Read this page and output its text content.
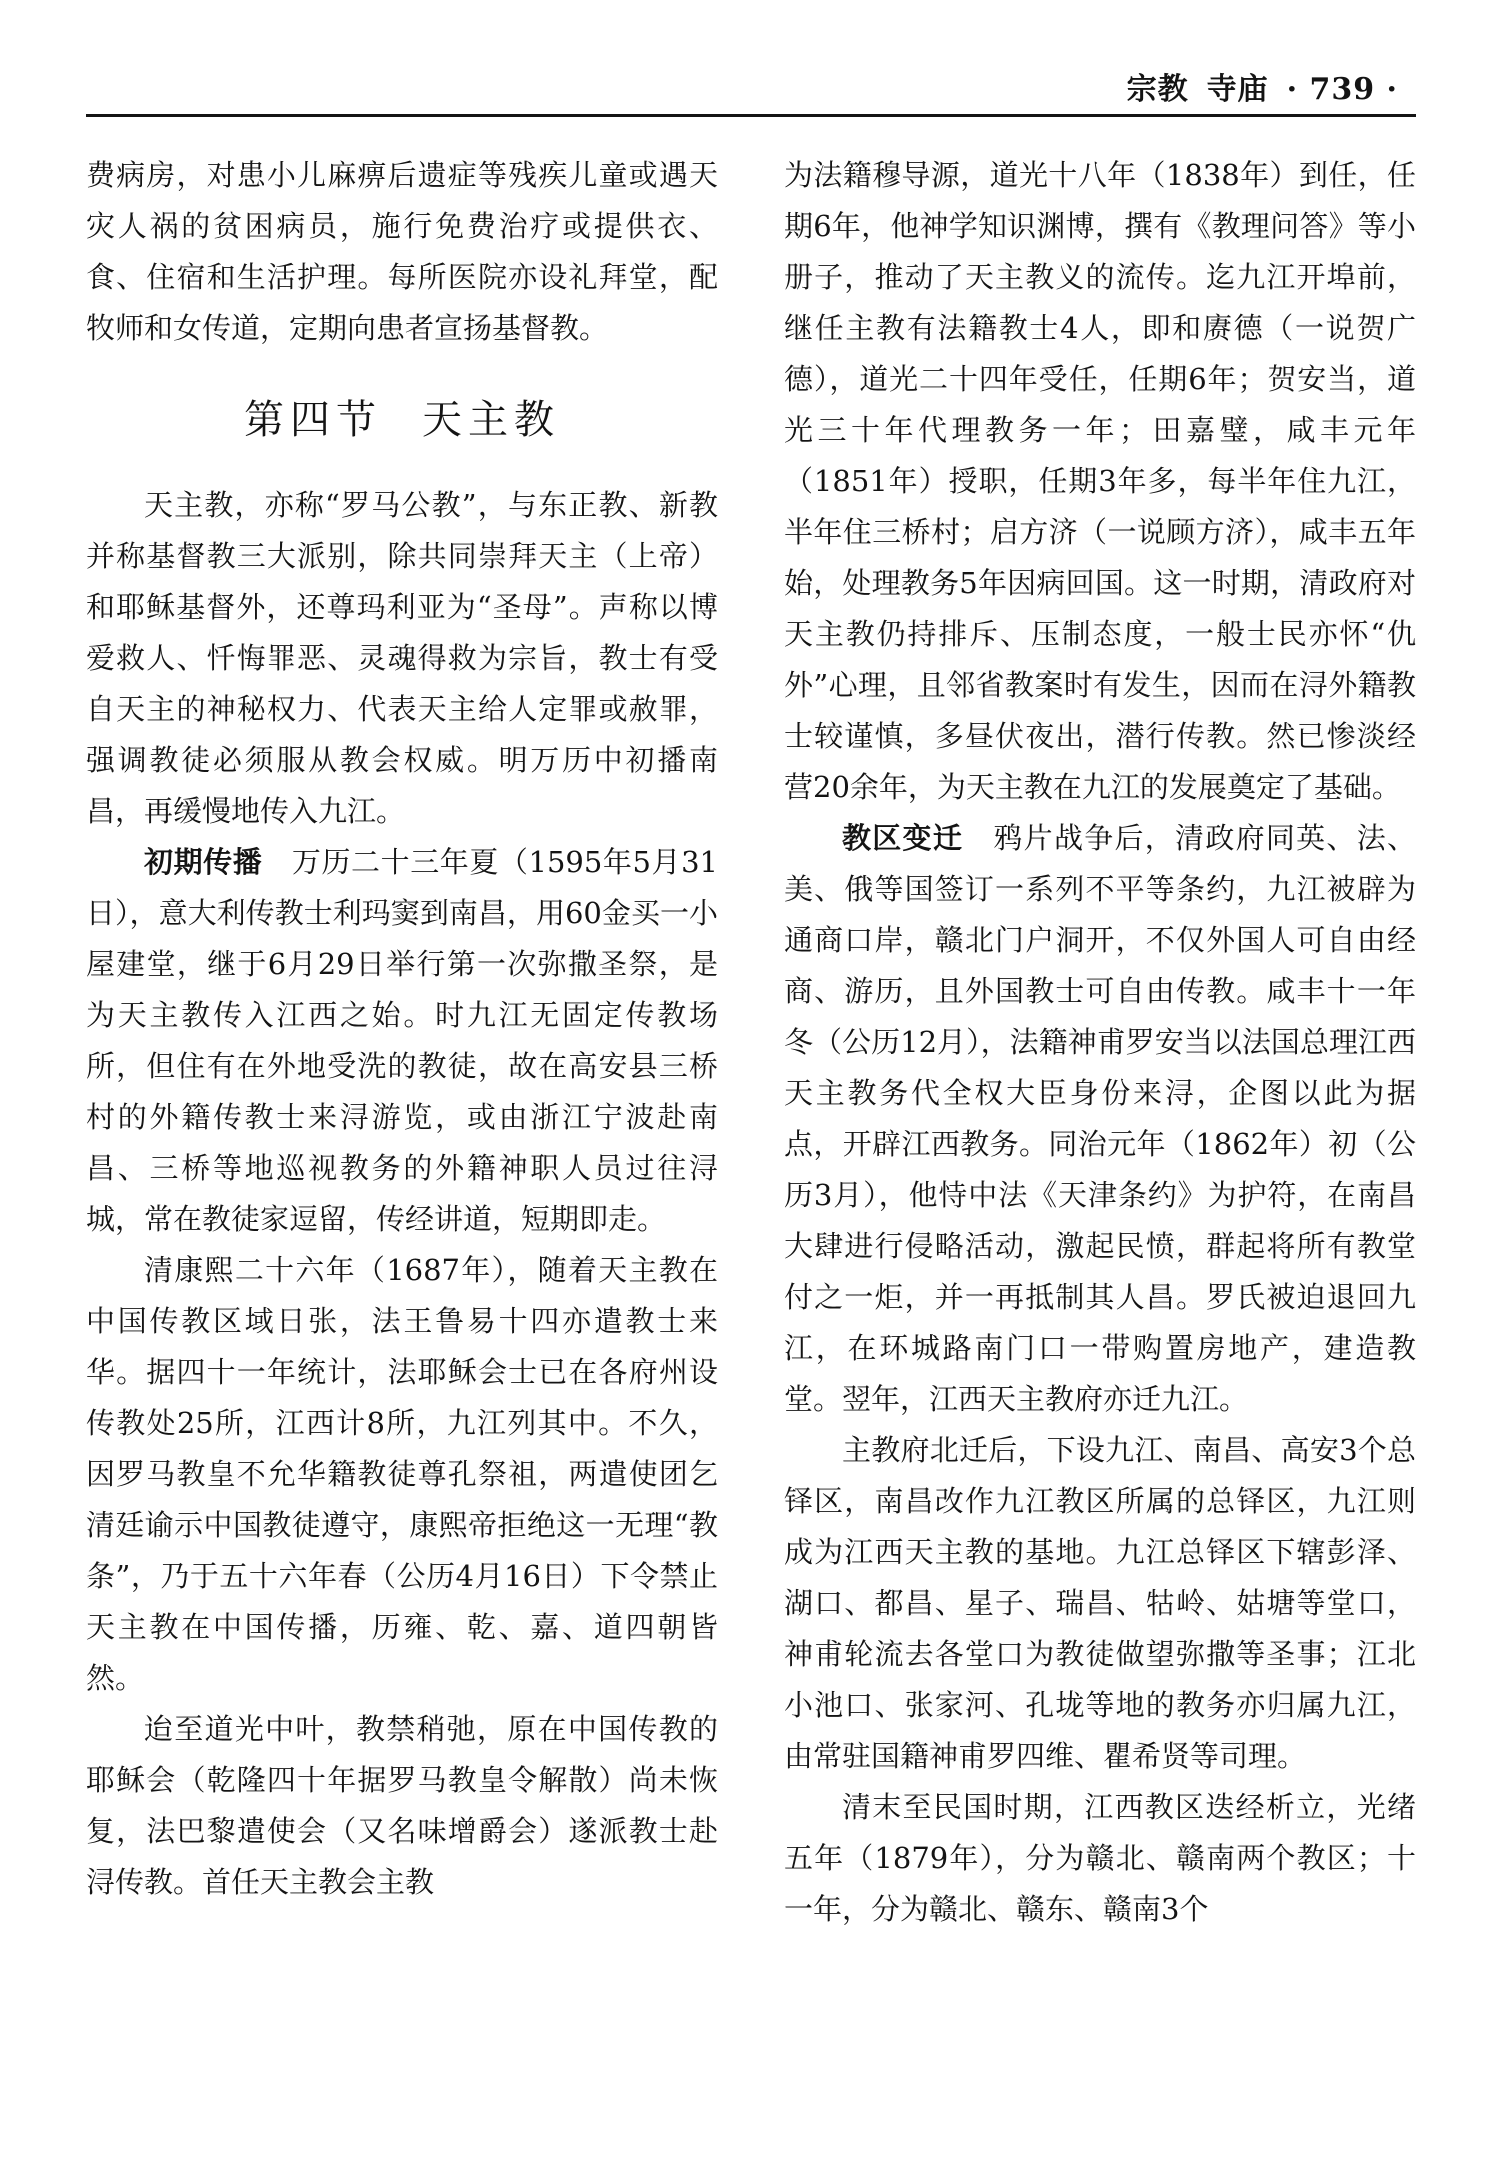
宗教 寺庙 · 739 ·

费病房，对患小儿麻痹后遗症等残疾儿童或遇天灾人祸的贫困病员，施行免费治疗或提供衣、食、住宿和生活护理。每所医院亦设礼拜堂，配牧师和女传道，定期向患者宣扬基督教。

第四节 天主教

天主教，亦称“罗马公教”，与东正教、新教并称基督教三大派别，除共同崇拜天主（上帝）和耶稣基督外，还尊玛利亚为“圣母”。声称以博爱救人、忏悔罪恶、灵魂得救为宗旨，教士有受自天主的神秘权力、代表天主给人定罪或赦罪，强调教徒必须服从教会权威。明万历中初播南昌，再缓慢地传入九江。

初期传播　 万历二十三年夏（1595年5月31日），意大利传教士利玛窦到南昌，用60金买一小屋建堂，继于6月29日举行第一次弥撒圣祭，是为天主教传入江西之始。时九江无固定传教场所，但住有在外地受洗的教徒，故在高安县三桥村的外籍传教士来浔游览，或由浙江宁波赴南昌、三桥等地巡视教务的外籍神职人员过往浔城，常在教徒家逗留，传经讲道，短期即走。

清康熙二十六年（1687年），随着天主教在中国传教区域日张，法王鲁易十四亦遣教士来华。据四十一年统计，法耶稣会士已在各府州设传教处25所，江西计8所，九江列其中。不久，因罗马教皇不允华籍教徒尊孔祭祖，两遣使团乞清廷谕示中国教徒遵守，康熙帝拒绝这一无理“教条”，乃于五十六年春（公历4月16日）下令禁止天主教在中国传播，历雍、乾、嘉、道四朝皆然。

迨至道光中叶，教禁稍弛，原在中国传教的耶稣会（乾隆四十年据罗马教皇令解散）尚未恢复，法巴黎遣使会（又名味增爵会）遂派教士赴浔传教。首任天主教会主教

为法籍穆导源，道光十八年（1838年）到任，任期6年，他神学知识渊博，撰有《教理问答》等小册子，推动了天主教义的流传。迄九江开埠前，继任主教有法籍教士4人，即和赓德（一说贺广德），道光二十四年受任，任期6年；贺安当，道光三十年代理教务一年；田嘉璧，咸丰元年（1851年）授职，任期3年多，每半年住九江，半年住三桥村；启方济（一说顾方济），咸丰五年始，处理教务5年因病回国。这一时期，清政府对天主教仍持排斥、压制态度，一般士民亦怀“仇外”心理，且邻省教案时有发生，因而在浔外籍教士较谨慎，多昼伏夜出，潜行传教。然已惨淡经营20余年，为天主教在九江的发展奠定了基础。

教区变迁　 鸦片战争后，清政府同英、法、美、俄等国签订一系列不平等条约，九江被辟为通商口岸，赣北门户洞开，不仅外国人可自由经商、游历，且外国教士可自由传教。咸丰十一年冬（公历12月），法籍神甫罗安当以法国总理江西天主教务代全权大臣身份来浔，企图以此为据点，开辟江西教务。同治元年（1862年）初（公历3月），他恃中法《天津条约》为护符，在南昌大肆进行侵略活动，激起民愤，群起将所有教堂付之一炬，并一再抵制其人昌。罗氏被迫退回九江，在环城路南门口一带购置房地产，建造教堂。翌年，江西天主教府亦迁九江。

主教府北迁后，下设九江、南昌、高安3个总铎区，南昌改作九江教区所属的总铎区，九江则成为江西天主教的基地。九江总铎区下辖彭泽、湖口、都昌、星子、瑞昌、牯岭、姑塘等堂口，神甫轮流去各堂口为教徒做望弥撒等圣事；江北小池口、张家河、孔垅等地的教务亦归属九江，由常驻国籍神甫罗四维、瞿希贤等司理。

清末至民国时期，江西教区迭经析立，光绪五年（1879年），分为赣北、赣南两个教区；十一年，分为赣北、赣东、赣南3个
